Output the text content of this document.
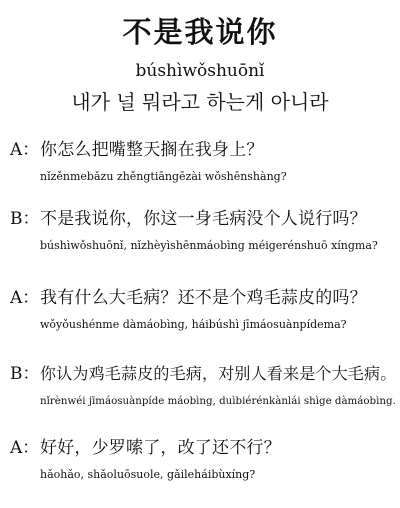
不是我说你
búshìwǒshuōnǐ
내가 널 뭐라고 하는게 아니라
A： 你怎么把嘴整天搁在我身上？
nǐzěnmebǎzu zhěngtiāngēzài wǒshēnshàng?
B： 不是我说你，你这一身毛病没个人说行吗？
búshìwǒshuōnǐ, nǐzhèyìshēnmáobìng méigerénshuō xíngma?
A： 我有什么大毛病？还不是个鸡毛蒜皮的吗？
wǒyǒushénme dàmáobìng, háibúshì jīmáosuànpídema?
B： 你认为鸡毛蒜皮的毛病，对别人看来是个大毛病。
nǐrènwéi jīmáosuànpíde máobìng, duìbiérénkànlái shìge dàmáobìng.
A： 好好，少罗嗦了，改了还不行？
hǎohǎo, shǎoluōsuole, gǎileháibùxíng?
